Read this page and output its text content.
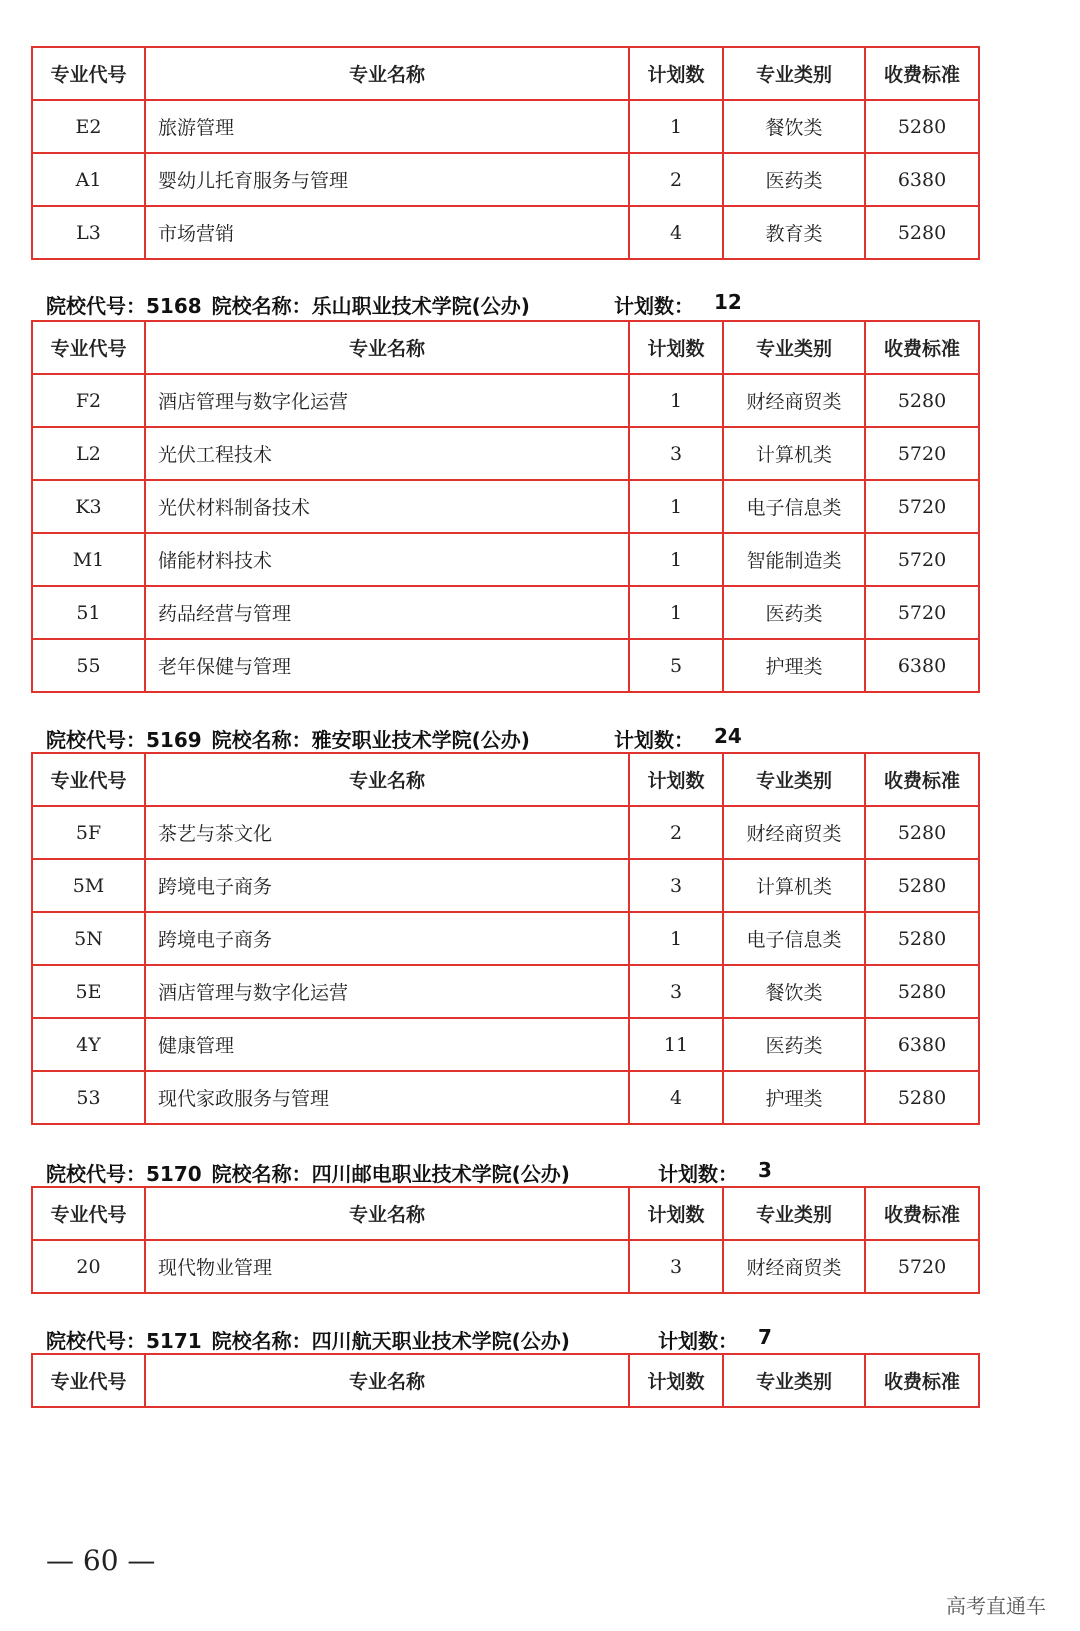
专业代号	专业名称	计划数	专业类别	收费标准
E2	旅游管理	1	餐饮类	5280
A1	婴幼儿托育服务与管理	2	医药类	6380
L3	市场营销	4	教育类	5280
院校代号：5168 院校名称：乐山职业技术学院(公办)	计划数： 12
专业代号	专业名称	计划数	专业类别	收费标准
F2	酒店管理与数字化运营	1	财经商贸类	5280
L2	光伏工程技术	3	计算机类	5720
K3	光伏材料制备技术	1	电子信息类	5720
M1	储能材料技术	1	智能制造类	5720
51	药品经营与管理	1	医药类	5720
55	老年保健与管理	5	护理类	6380
院校代号：5169 院校名称：雅安职业技术学院(公办)	计划数： 24
专业代号	专业名称	计划数	专业类别	收费标准
5F	茶艺与茶文化	2	财经商贸类	5280
5M	跨境电子商务	3	计算机类	5280
5N	跨境电子商务	1	电子信息类	5280
5E	酒店管理与数字化运营	3	餐饮类	5280
4Y	健康管理	11	医药类	6380
53	现代家政服务与管理	4	护理类	5280
院校代号：5170 院校名称：四川邮电职业技术学院(公办)	计划数： 3
专业代号	专业名称	计划数	专业类别	收费标准
20	现代物业管理	3	财经商贸类	5720
院校代号：5171 院校名称：四川航天职业技术学院(公办)	计划数： 7
专业代号	专业名称	计划数	专业类别	收费标准
— 60 —
高考直通车
